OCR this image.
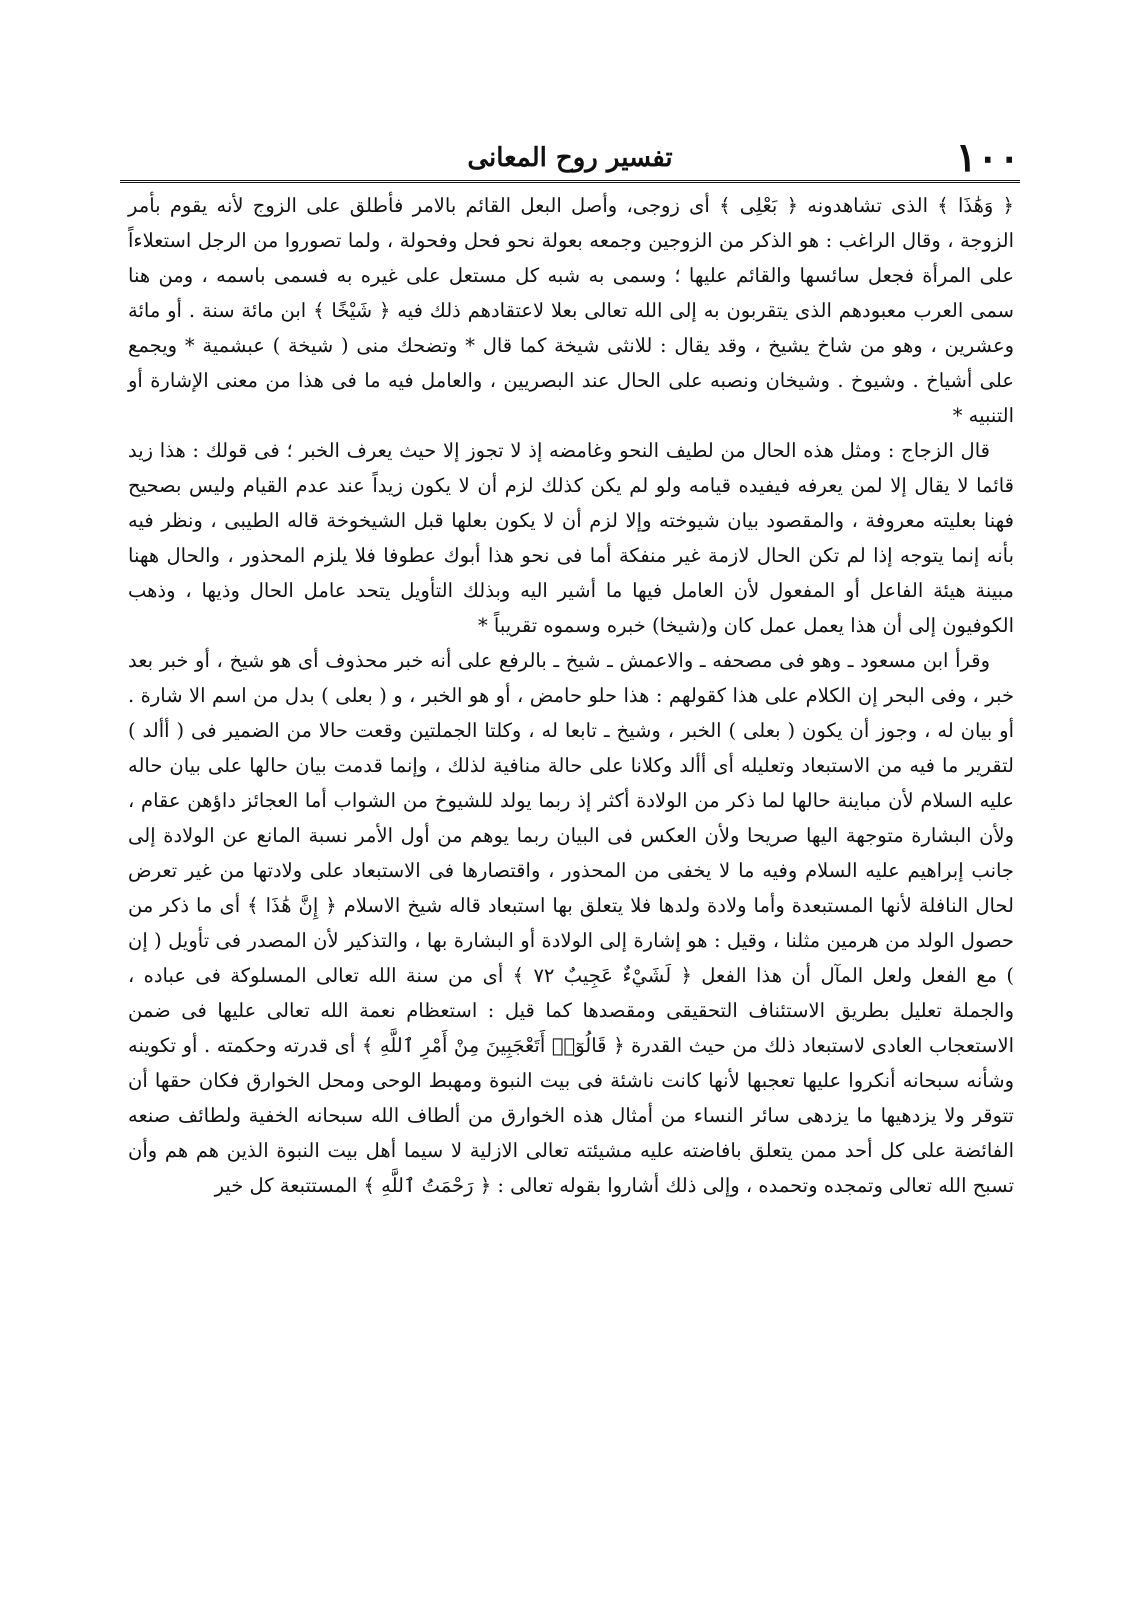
١٠٠
تفسير روح المعانى

﴿ وَهَٰذَا ﴾ الذى تشاهدونه ﴿ بَعْلِى ﴾ أى زوجى، وأصل البعل القائم بالامر فأطلق على الزوج لأنه يقوم بأمر الزوجة ، وقال الراغب : هو الذكر من الزوجين وجمعه بعولة نحو فحل وفحولة ، ولما تصوروا من الرجل استعلاءاً على المرأة فجعل سائسها والقائم عليها ؛ وسمى به شبه كل مستعل على غيره به فسمى باسمه ، ومن هنا سمى العرب معبودهم الذى يتقربون به إلى الله تعالى بعلا لاعتقادهم ذلك فيه ﴿ شَيْخًا ﴾ ابن مائة سنة . أو مائة وعشرين ، وهو من شاخ يشيخ ، وقد يقال : للانثى شيخة كما قال * وتضحك منى ( شيخة ) عبشمية * ويجمع على أشياخ . وشيوخ . وشيخان ونصبه على الحال عند البصريين ، والعامل فيه ما فى هذا من معنى الإشارة أو التنبيه *

قال الزجاج : ومثل هذه الحال من لطيف النحو وغامضه إذ لا تجوز إلا حيث يعرف الخبر ؛ فى قولك : هذا زيد قائما لا يقال إلا لمن يعرفه فيفيده قيامه ولو لم يكن كذلك لزم أن لا يكون زيداً عند عدم القيام وليس بصحيح فهنا بعليته معروفة ، والمقصود بيان شيوخته وإلا لزم أن لا يكون بعلها قبل الشيخوخة قاله الطيبى ، ونظر فيه بأنه إنما يتوجه إذا لم تكن الحال لازمة غير منفكة أما فى نحو هذا أبوك عطوفا فلا يلزم المحذور ، والحال ههنا مبينة هيئة الفاعل أو المفعول لأن العامل فيها ما أشير اليه وبذلك التأويل يتحد عامل الحال وذيها ، وذهب الكوفيون إلى أن هذا يعمل عمل كان و(شيخا) خبره وسموه تقريباً *

وقرأ ابن مسعود ـ وهو فى مصحفه ـ والاعمش ـ شيخ ـ بالرفع على أنه خبر محذوف أى هو شيخ ، أو خبر بعد خبر ، وفى البحر إن الكلام على هذا كقولهم : هذا حلو حامض ، أو هو الخبر ، و ( بعلى ) بدل من اسم الا شارة . أو بيان له ، وجوز أن يكون ( بعلى ) الخبر ، وشيخ ـ تابعا له ، وكلتا الجملتين وقعت حالا من الضمير فى ( أألد ) لتقرير ما فيه من الاستبعاد وتعليله أى أألد وكلانا على حالة منافية لذلك ، وإنما قدمت بيان حالها على بيان حاله عليه السلام لأن مباينة حالها لما ذكر من الولادة أكثر إذ ربما يولد للشيوخ من الشواب أما العجائز داؤهن عقام ، ولأن البشارة متوجهة اليها صريحا ولأن العكس فى البيان ربما يوهم من أول الأمر نسبة المانع عن الولادة إلى جانب إبراهيم عليه السلام وفيه ما لا يخفى من المحذور ، واقتصارها فى الاستبعاد على ولادتها من غير تعرض لحال النافلة لأنها المستبعدة وأما ولادة ولدها فلا يتعلق بها استبعاد قاله شيخ الاسلام ﴿ إِنَّ هَٰذَا ﴾ أى ما ذكر من حصول الولد من هرمين مثلنا ، وقيل : هو إشارة إلى الولادة أو البشارة بها ، والتذكير لأن المصدر فى تأويل ( إن ) مع الفعل ولعل المآل أن هذا الفعل ﴿ لَشَيْءٌ عَجِيبٌ ٧٢ ﴾ أى من سنة الله تعالى المسلوكة فى عباده ، والجملة تعليل بطريق الاستئناف التحقيقى ومقصدها كما قيل : استعظام نعمة الله تعالى عليها فى ضمن الاستعجاب العادى لاستبعاد ذلك من حيث القدرة ﴿ قَالُوٓا۟ أَتَعْجَبِينَ مِنْ أَمْرِ ٱللَّهِ ﴾ أى قدرته وحكمته . أو تكوينه وشأنه سبحانه أنكروا عليها تعجبها لأنها كانت ناشئة فى بيت النبوة ومهبط الوحى ومحل الخوارق فكان حقها أن تتوقر ولا يزدهيها ما يزدهى سائر النساء من أمثال هذه الخوارق من ألطاف الله سبحانه الخفية ولطائف صنعه الفائضة على كل أحد ممن يتعلق بافاضته عليه مشيئته تعالى الازلية لا سيما أهل بيت النبوة الذين هم هم وأن تسبح الله تعالى وتمجده وتحمده ، وإلى ذلك أشاروا بقوله تعالى : ﴿ رَحْمَتُ ٱللَّهِ ﴾ المستتبعة كل خير
